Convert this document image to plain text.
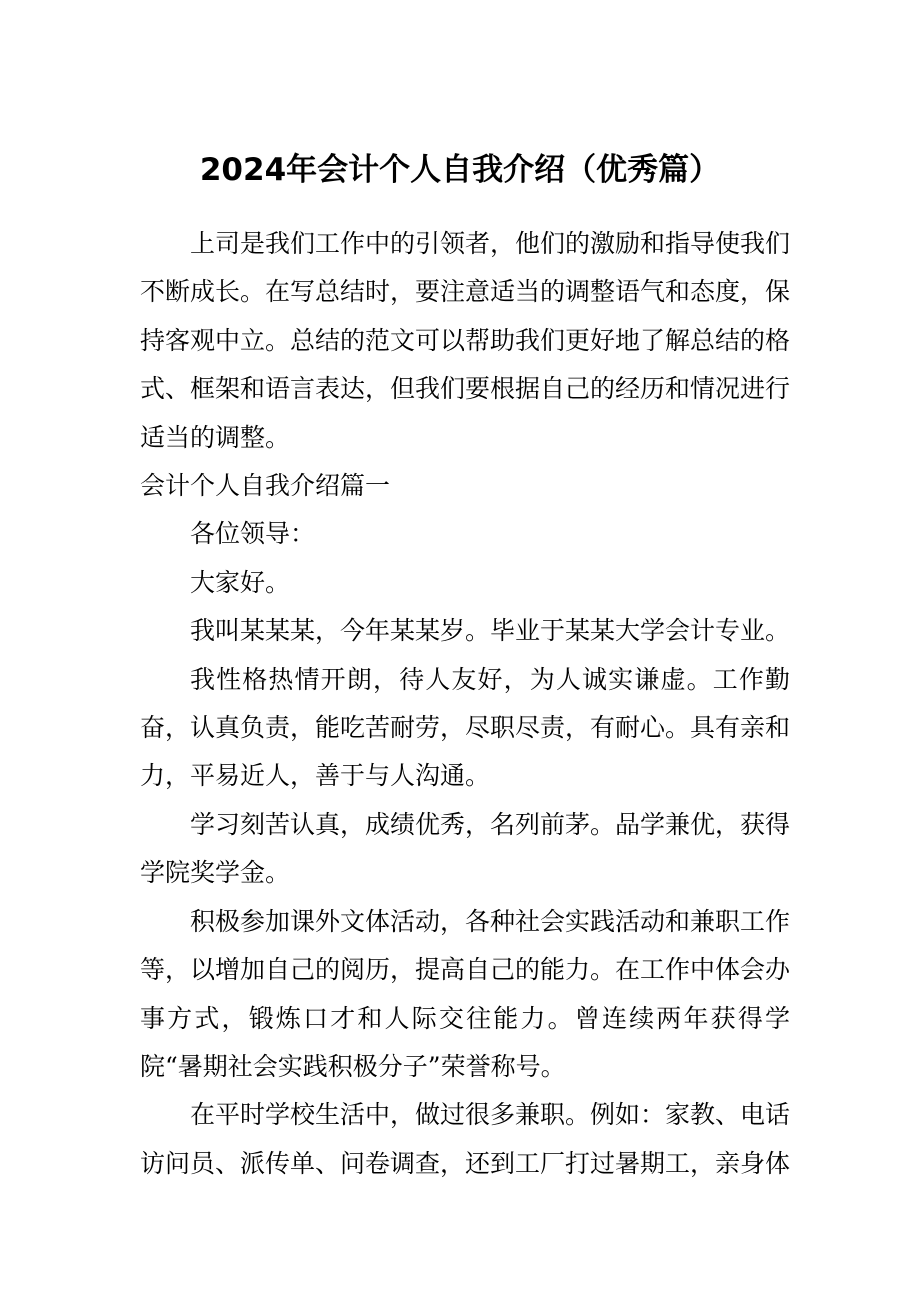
2024年会计个人自我介绍（优秀篇）

上司是我们工作中的引领者，他们的激励和指导使我们不断成长。在写总结时，要注意适当的调整语气和态度，保持客观中立。总结的范文可以帮助我们更好地了解总结的格式、框架和语言表达，但我们要根据自己的经历和情况进行适当的调整。

会计个人自我介绍篇一

各位领导：

大家好。

我叫某某某，今年某某岁。毕业于某某大学会计专业。

我性格热情开朗，待人友好，为人诚实谦虚。工作勤奋，认真负责，能吃苦耐劳，尽职尽责，有耐心。具有亲和力，平易近人，善于与人沟通。

学习刻苦认真，成绩优秀，名列前茅。品学兼优，获得学院奖学金。

积极参加课外文体活动，各种社会实践活动和兼职工作等，以增加自己的阅历，提高自己的能力。在工作中体会办事方式，锻炼口才和人际交往能力。曾连续两年获得学院“暑期社会实践积极分子”荣誉称号。

在平时学校生活中，做过很多兼职。例如：家教、电话访问员、派传单、问卷调查，还到工厂打过暑期工，亲身体
